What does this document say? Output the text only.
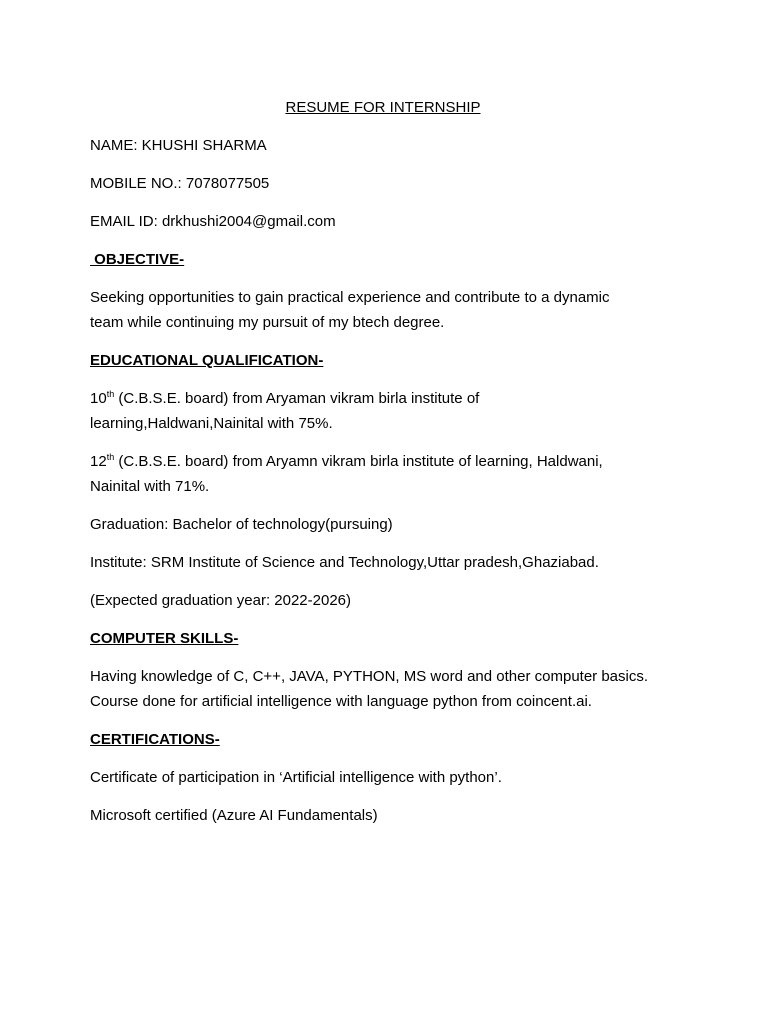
RESUME FOR INTERNSHIP
NAME: KHUSHI SHARMA
MOBILE NO.: 7078077505
EMAIL ID: drkhushi2004@gmail.com
OBJECTIVE-
Seeking opportunities to gain practical experience and contribute to a dynamic
team while continuing my pursuit of my btech degree.
EDUCATIONAL QUALIFICATION-
10th (C.B.S.E. board) from Aryaman vikram birla institute of
learning,Haldwani,Nainital with 75%.
12th (C.B.S.E. board) from Aryamn vikram birla institute of learning, Haldwani,
Nainital with 71%.
Graduation: Bachelor of technology(pursuing)
Institute: SRM Institute of Science and Technology,Uttar pradesh,Ghaziabad.
(Expected graduation year: 2022-2026)
COMPUTER SKILLS-
Having knowledge of C, C++, JAVA, PYTHON, MS word and other computer basics.
Course done for artificial intelligence with language python from coincent.ai.
CERTIFICATIONS-
Certificate of participation in ‘Artificial intelligence with python’.
Microsoft certified (Azure AI Fundamentals)
